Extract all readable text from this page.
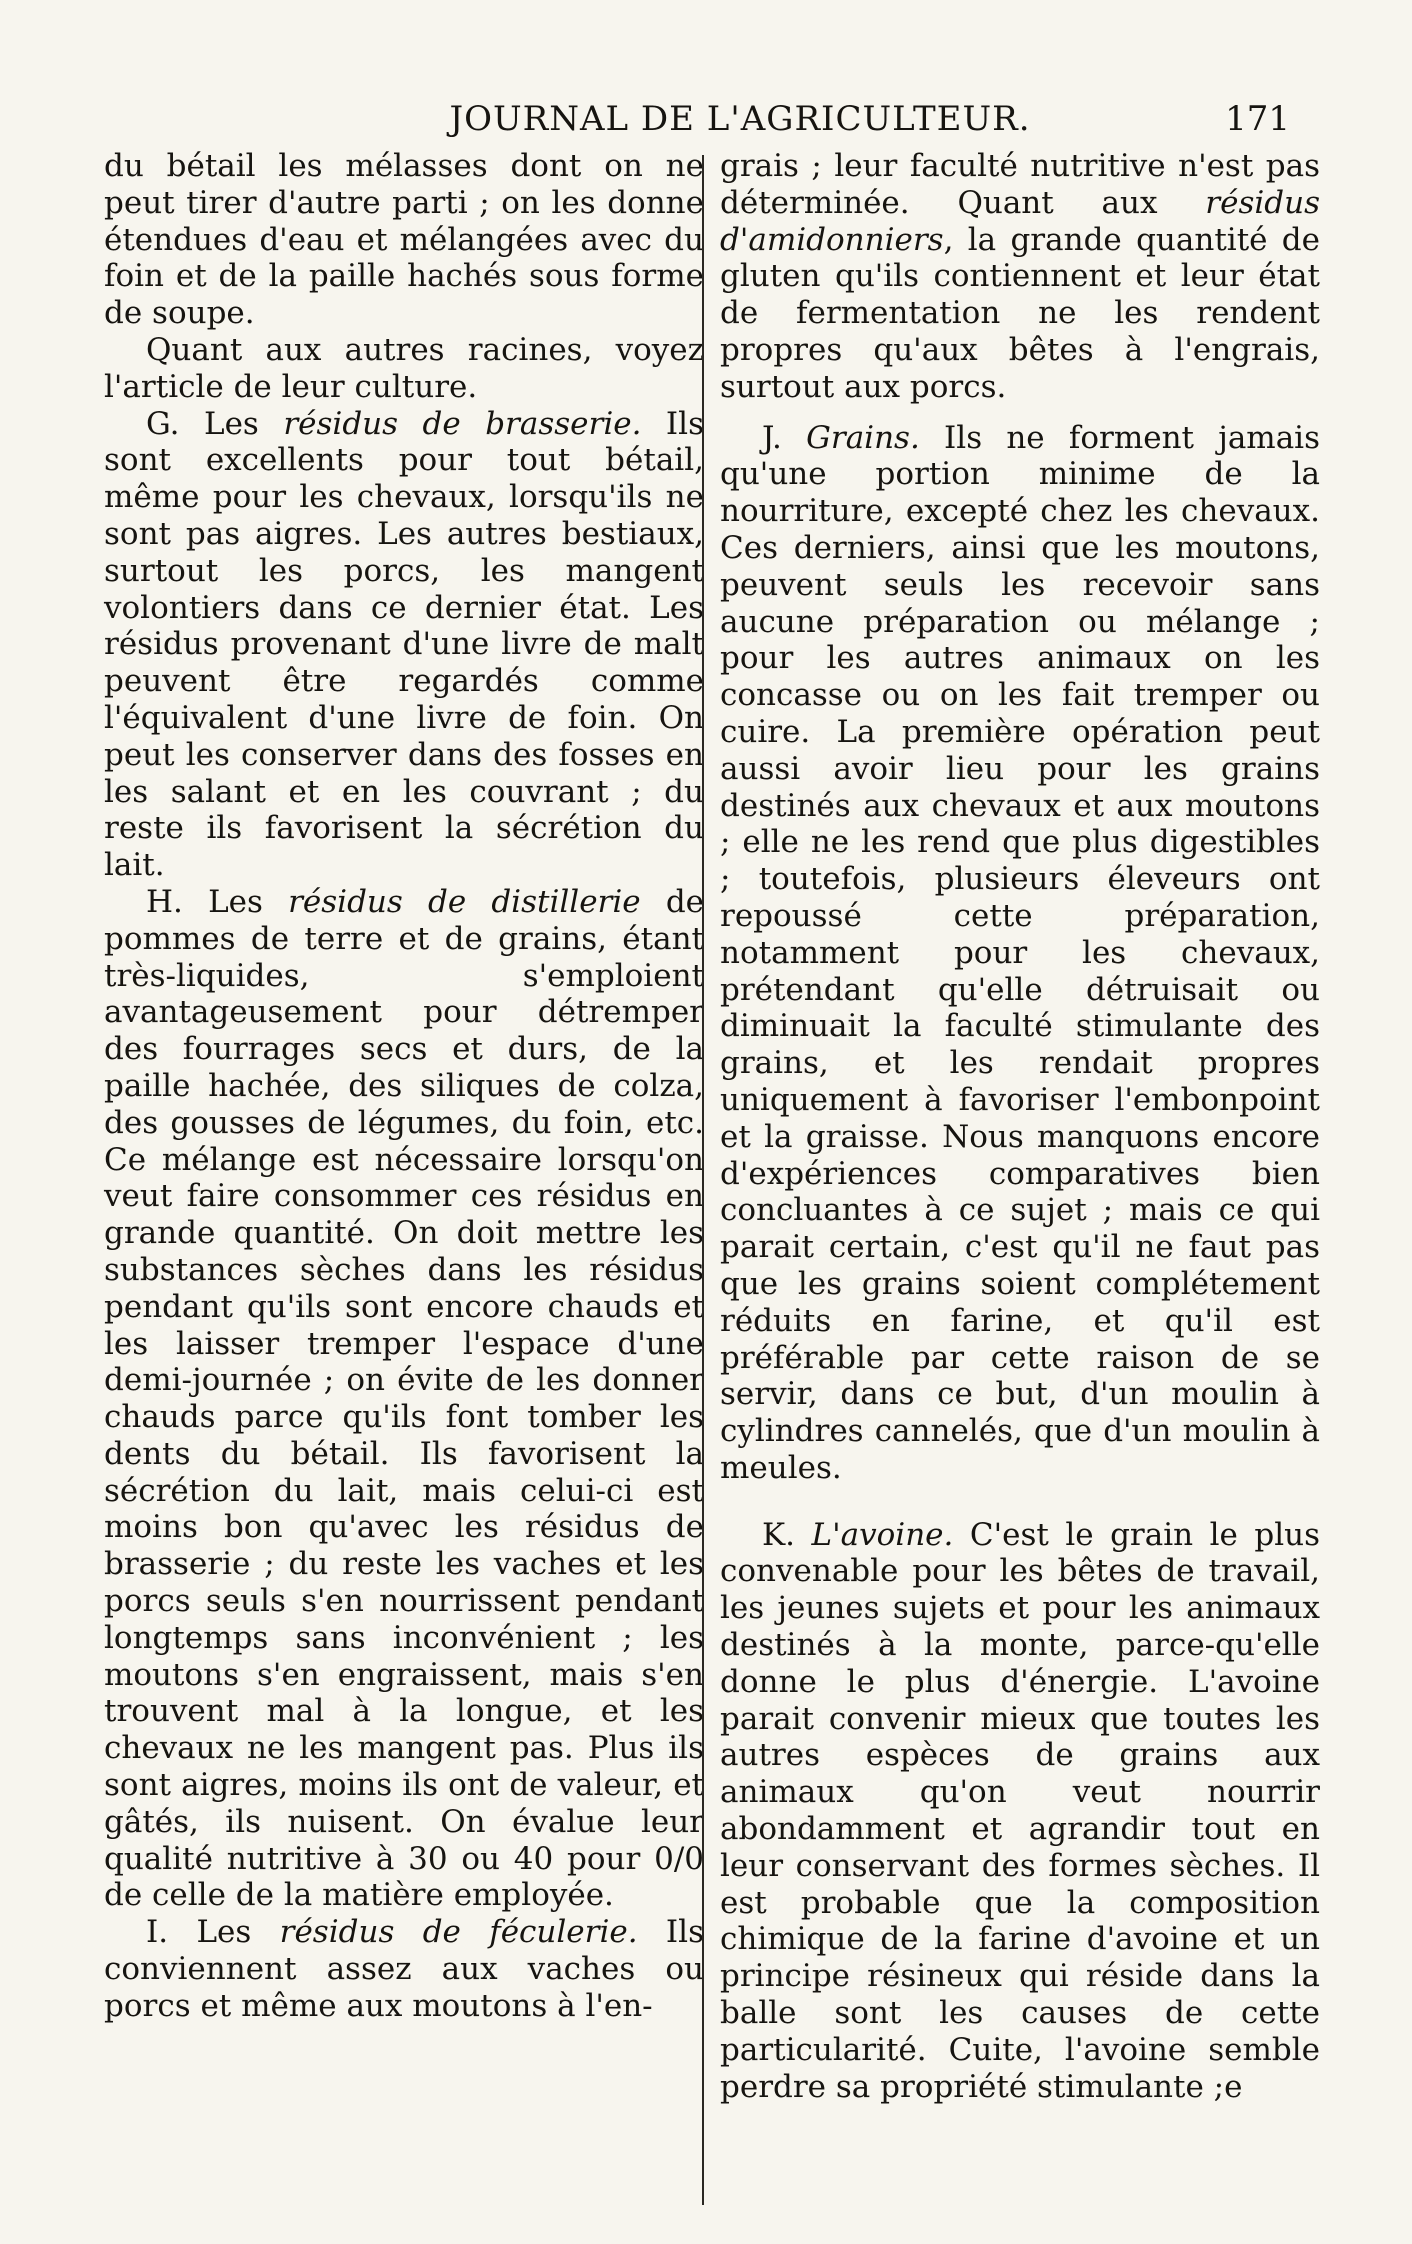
JOURNAL DE L'AGRICULTEUR.	171

du bétail les mélasses dont on ne peut tirer d'autre parti ; on les donne étendues d'eau et mélangées avec du foin et de la paille hachés sous forme de soupe.

Quant aux autres racines, voyez l'article de leur culture.

G. Les résidus de brasserie. Ils sont excellents pour tout bétail, même pour les chevaux, lorsqu'ils ne sont pas aigres. Les autres bestiaux, surtout les porcs, les mangent volontiers dans ce dernier état. Les résidus provenant d'une livre de malt peuvent être regardés comme l'équivalent d'une livre de foin. On peut les conserver dans des fosses en les salant et en les couvrant ; du reste ils favorisent la sécrétion du lait.

H. Les résidus de distillerie de pommes de terre et de grains, étant très-liquides, s'emploient avantageusement pour détremper des fourrages secs et durs, de la paille hachée, des siliques de colza, des gousses de légumes, du foin, etc. Ce mélange est nécessaire lorsqu'on veut faire consommer ces résidus en grande quantité. On doit mettre les substances sèches dans les résidus pendant qu'ils sont encore chauds et les laisser tremper l'espace d'une demi-journée ; on évite de les donner chauds parce qu'ils font tomber les dents du bétail. Ils favorisent la sécrétion du lait, mais celui-ci est moins bon qu'avec les résidus de brasserie ; du reste les vaches et les porcs seuls s'en nourrissent pendant longtemps sans inconvénient ; les moutons s'en engraissent, mais s'en trouvent mal à la longue, et les chevaux ne les mangent pas. Plus ils sont aigres, moins ils ont de valeur, et gâtés, ils nuisent. On évalue leur qualité nutritive à 30 ou 40 pour 0/0 de celle de la matière employée.

I. Les résidus de féculerie. Ils conviennent assez aux vaches ou porcs et même aux moutons à l'en-

grais ; leur faculté nutritive n'est pas déterminée. Quant aux résidus d'amidonniers, la grande quantité de gluten qu'ils contiennent et leur état de fermentation ne les rendent propres qu'aux bêtes à l'engrais, surtout aux porcs.

J. Grains. Ils ne forment jamais qu'une portion minime de la nourriture, excepté chez les chevaux. Ces derniers, ainsi que les moutons, peuvent seuls les recevoir sans aucune préparation ou mélange ; pour les autres animaux on les concasse ou on les fait tremper ou cuire. La première opération peut aussi avoir lieu pour les grains destinés aux chevaux et aux moutons ; elle ne les rend que plus digestibles ; toutefois, plusieurs éleveurs ont repoussé cette préparation, notamment pour les chevaux, prétendant qu'elle détruisait ou diminuait la faculté stimulante des grains, et les rendait propres uniquement à favoriser l'embonpoint et la graisse. Nous manquons encore d'expériences comparatives bien concluantes à ce sujet ; mais ce qui parait certain, c'est qu'il ne faut pas que les grains soient complétement réduits en farine, et qu'il est préférable par cette raison de se servir, dans ce but, d'un moulin à cylindres cannelés, que d'un moulin à meules.

K. L'avoine. C'est le grain le plus convenable pour les bêtes de travail, les jeunes sujets et pour les animaux destinés à la monte, parce-qu'elle donne le plus d'énergie. L'avoine parait convenir mieux que toutes les autres espèces de grains aux animaux qu'on veut nourrir abondamment et agrandir tout en leur conservant des formes sèches. Il est probable que la composition chimique de la farine d'avoine et un principe résineux qui réside dans la balle sont les causes de cette particularité. Cuite, l'avoine semble perdre sa propriété stimulante ;e
